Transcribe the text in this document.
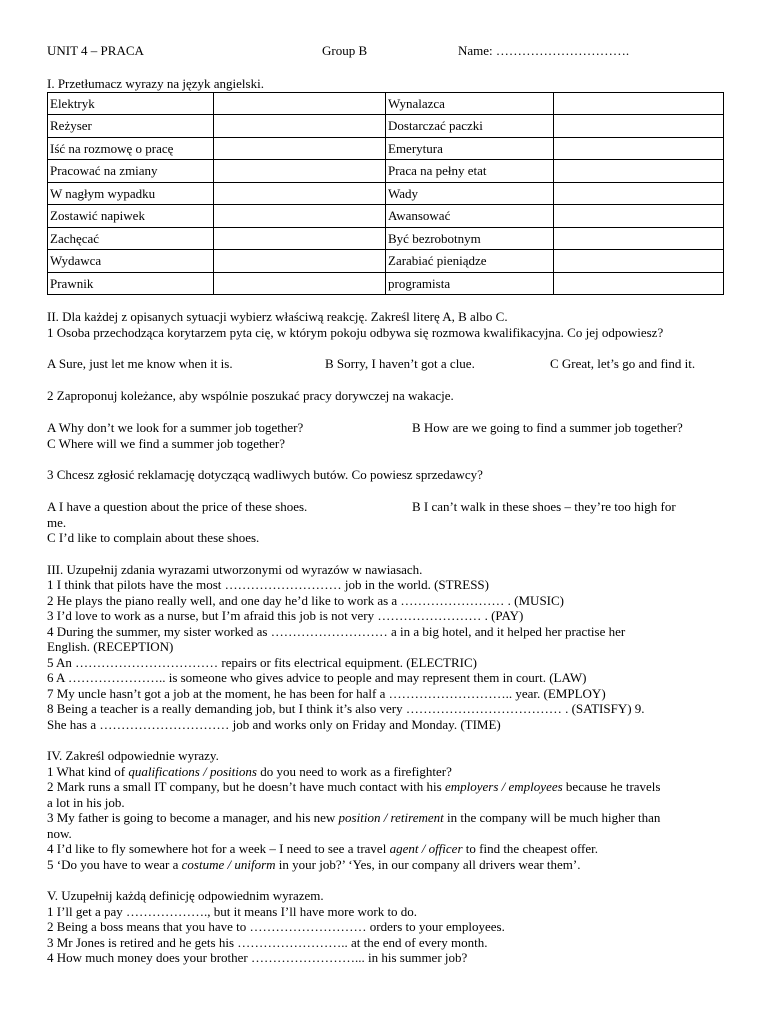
UNIT 4 – PRACA	Group B	Name: ………………………….

I. Przetłumacz wyrazy na język angielski.

Elektryk		Wynalazca	
Reżyser		Dostarczać paczki	
Iść na rozmowę o pracę		Emerytura	
Pracować na zmiany		Praca na pełny etat	
W nagłym wypadku		Wady	
Zostawić napiwek		Awansować	
Zachęcać		Być bezrobotnym	
Wydawca		Zarabiać pieniądze	
Prawnik		programista	

II. Dla każdej z opisanych sytuacji wybierz właściwą reakcję. Zakreśl literę A, B albo C.

1 Osoba przechodząca korytarzem pyta cię, w którym pokoju odbywa się rozmowa kwalifikacyjna. Co jej odpowiesz?

A Sure, just let me know when it is.	B Sorry, I haven’t got a clue.	C Great, let’s go and find it.

2 Zaproponuj koleżance, aby wspólnie poszukać pracy dorywczej na wakacje.

A Why don’t we look for a summer job together?	B How are we going to find a summer job together?

C Where will we find a summer job together?

3 Chcesz zgłosić reklamację dotyczącą wadliwych butów. Co powiesz sprzedawcy?

A I have a question about the price of these shoes.	B I can’t walk in these shoes – they’re too high for

me.

C I’d like to complain about these shoes.

III. Uzupełnij zdania wyrazami utworzonymi od wyrazów w nawiasach.

1 I think that pilots have the most ……………………… job in the world. (STRESS)

2 He plays the piano really well, and one day he’d like to work as a …………………… . (MUSIC)

3 I’d love to work as a nurse, but I’m afraid this job is not very …………………… . (PAY)

4 During the summer, my sister worked as ……………………… a in a big hotel, and it helped her practise her

English. (RECEPTION)

5 An …………………………… repairs or fits electrical equipment. (ELECTRIC)

6 A ………………….. is someone who gives advice to people and may represent them in court. (LAW)

7 My uncle hasn’t got a job at the moment, he has been for half a ……………………….. year. (EMPLOY)

8 Being a teacher is a really demanding job, but I think it’s also very ……………………………… . (SATISFY) 9.

She has a ………………………… job and works only on Friday and Monday. (TIME)

IV. Zakreśl odpowiednie wyrazy.

1 What kind of qualifications / positions do you need to work as a firefighter?

2 Mark runs a small IT company, but he doesn’t have much contact with his employers / employees because he travels

a lot in his job.

3 My father is going to become a manager, and his new position / retirement in the company will be much higher than

now.

4 I’d like to fly somewhere hot for a week – I need to see a travel agent / officer to find the cheapest offer.

5 ‘Do you have to wear a costume / uniform in your job?’ ‘Yes, in our company all drivers wear them’.

V. Uzupełnij każdą definicję odpowiednim wyrazem.

1 I’ll get a pay ………………., but it means I’ll have more work to do.

2 Being a boss means that you have to ……………………… orders to your employees.

3 Mr Jones is retired and he gets his …………………….. at the end of every month.

4 How much money does your brother ……………………... in his summer job?
